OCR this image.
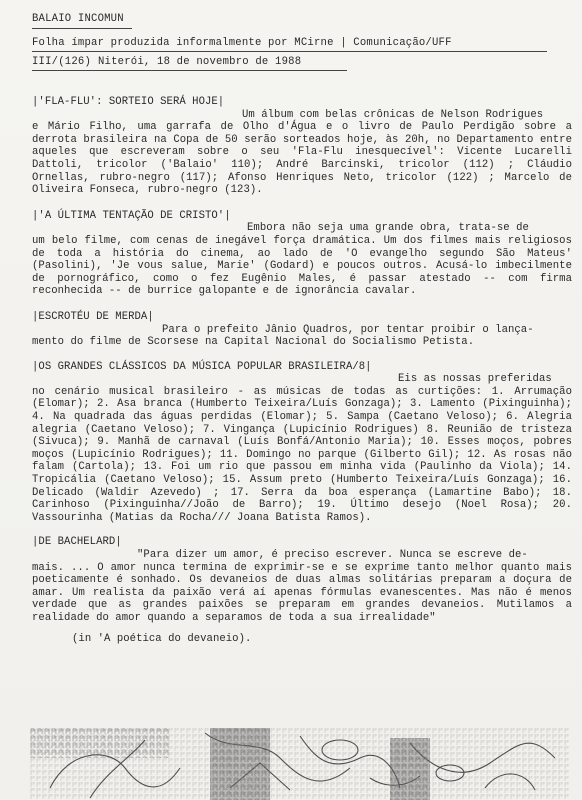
BALAIO INCOMUN
Folha ímpar produzida informalmente por MCirne | Comunicação/UFF
III/(126) Niterói, 18 de novembro de 1988

|'FLA-FLU': SORTEIO SERÁ HOJE|

Um álbum com belas crônicas de Nelson Rodrigues
e Mário Filho, uma garrafa de Olho d'Água e o livro de Paulo Perdigão sobre a derrota brasileira na Copa de 50 serão sorteados hoje, às 20h, no Departamento entre aqueles que escreveram sobre o seu 'Fla-Flu inesquecível': Vicente Lucarelli Dattoli, tricolor ('Balaio' 110); André Barcinski, tricolor (112) ; Cláudio Ornellas, rubro-negro (117); Afonso Henriques Neto, tricolor (122) ; Marcelo de Oliveira Fonseca, rubro-negro (123).

|'A ÚLTIMA TENTAÇÃO DE CRISTO'|

Embora não seja uma grande obra, trata-se de
um belo filme, com cenas de inegável força dramática. Um dos filmes mais religiosos de toda a história do cinema, ao lado de 'O evangelho segundo São Mateus' (Pasolini), 'Je vous salue, Marie' (Godard) e poucos outros. Acusá-lo imbecilmente de pornográfico, como o fez Eugênio Males, é passar atestado -- com firma reconhecida -- de burrice galopante e de ignorância cavalar.

|ESCROTÉU DE MERDA|

Para o prefeito Jânio Quadros, por tentar proibir o lança-
mento do filme de Scorsese na Capital Nacional do Socialismo Petista.

|OS GRANDES CLÁSSICOS DA MÚSICA POPULAR BRASILEIRA/8|

Eis as nossas preferidas
no cenário musical brasileiro - as músicas de todas as curtições: 1. Arrumação (Elomar); 2. Asa branca (Humberto Teixeira/Luís Gonzaga); 3. Lamento (Pixinguinha); 4. Na quadrada das águas perdidas (Elomar); 5. Sampa (Caetano Veloso); 6. Alegria alegria (Caetano Veloso); 7. Vingança (Lupicínio Rodrigues) 8. Reunião de tristeza (Sivuca); 9. Manhã de carnaval (Luís Bonfá/Antonio Maria); 10. Esses moços, pobres moços (Lupicínio Rodrigues); 11. Domingo no parque (Gilberto Gil); 12. As rosas não falam (Cartola); 13. Foi um rio que passou em minha vida (Paulinho da Viola); 14. Tropicália (Caetano Veloso); 15. Assum preto (Humberto Teixeira/Luís Gonzaga); 16. Delicado (Waldir Azevedo) ; 17. Serra da boa esperança (Lamartine Babo); 18. Carinhoso (Pixinguinha//João de Barro); 19. Último desejo (Noel Rosa); 20. Vassourinha (Matias da Rocha/// Joana Batista Ramos).

|DE BACHELARD|

"Para dizer um amor, é preciso escrever. Nunca se escreve de-
mais. ... O amor nunca termina de exprimir-se e se exprime tanto melhor quanto mais poeticamente é sonhado. Os devaneios de duas almas solitárias preparam a doçura de amar. Um realista da paixão verá aí apenas fórmulas evanescentes. Mas não é menos verdade que as grandes paixões se preparam em grandes devaneios. Mutilamos a realidade do amor quando a separamos de toda a sua irrealidade"

(in 'A poética do devaneio).
